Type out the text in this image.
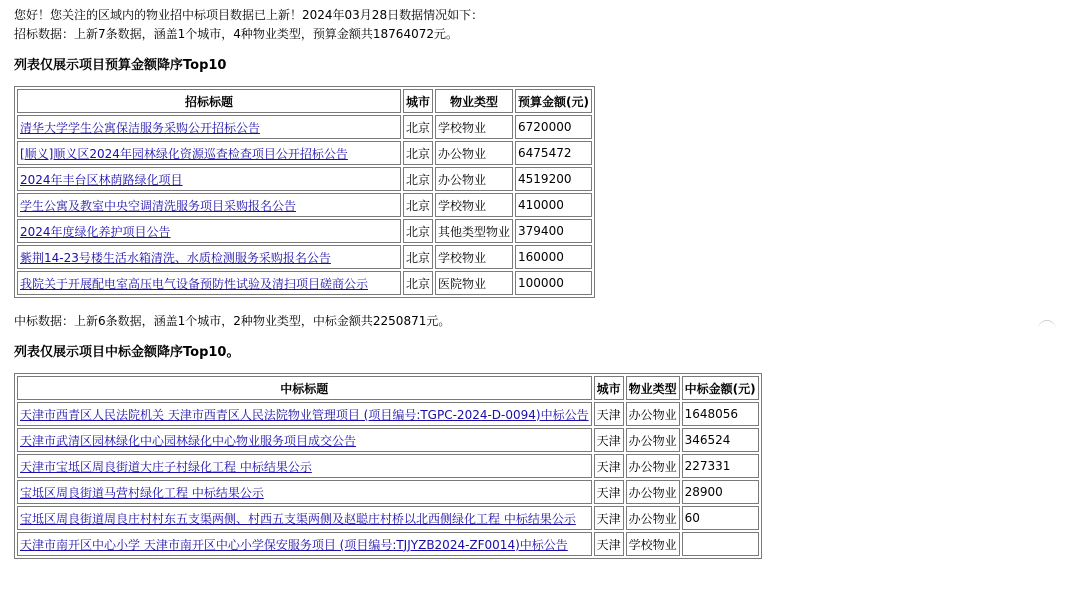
您好！您关注的区域内的物业招中标项目数据已上新！2024年03月28日数据情况如下：
招标数据：上新7条数据，涵盖1个城市，4种物业类型，预算金额共18764072元。
列表仅展示项目预算金额降序Top10
招标标题	城市	物业类型	预算金额(元)
清华大学学生公寓保洁服务采购公开招标公告	北京	学校物业	6720000
[顺义]顺义区2024年园林绿化资源巡查检查项目公开招标公告	北京	办公物业	6475472
2024年丰台区林荫路绿化项目	北京	办公物业	4519200
学生公寓及教室中央空调清洗服务项目采购报名公告	北京	学校物业	410000
2024年度绿化养护项目公告	北京	其他类型物业	379400
紫荆14-23号楼生活水箱清洗、水质检测服务采购报名公告	北京	学校物业	160000
我院关于开展配电室高压电气设备预防性试验及清扫项目磋商公示	北京	医院物业	100000
中标数据：上新6条数据，涵盖1个城市，2种物业类型，中标金额共2250871元。
列表仅展示项目中标金额降序Top10。
中标标题	城市	物业类型	中标金额(元)
天津市西青区人民法院机关 天津市西青区人民法院物业管理项目 (项目编号:TGPC-2024-D-0094)中标公告	天津	办公物业	1648056
天津市武清区园林绿化中心园林绿化中心物业服务项目成交公告	天津	办公物业	346524
天津市宝坻区周良街道大庄子村绿化工程 中标结果公示	天津	办公物业	227331
宝坻区周良街道马营村绿化工程 中标结果公示	天津	办公物业	28900
宝坻区周良街道周良庄村村东五支渠两侧、村西五支渠两侧及赵聪庄村桥以北西侧绿化工程 中标结果公示	天津	办公物业	60
天津市南开区中心小学 天津市南开区中心小学保安服务项目 (项目编号:TJJYZB2024-ZF0014)中标公告	天津	学校物业	
